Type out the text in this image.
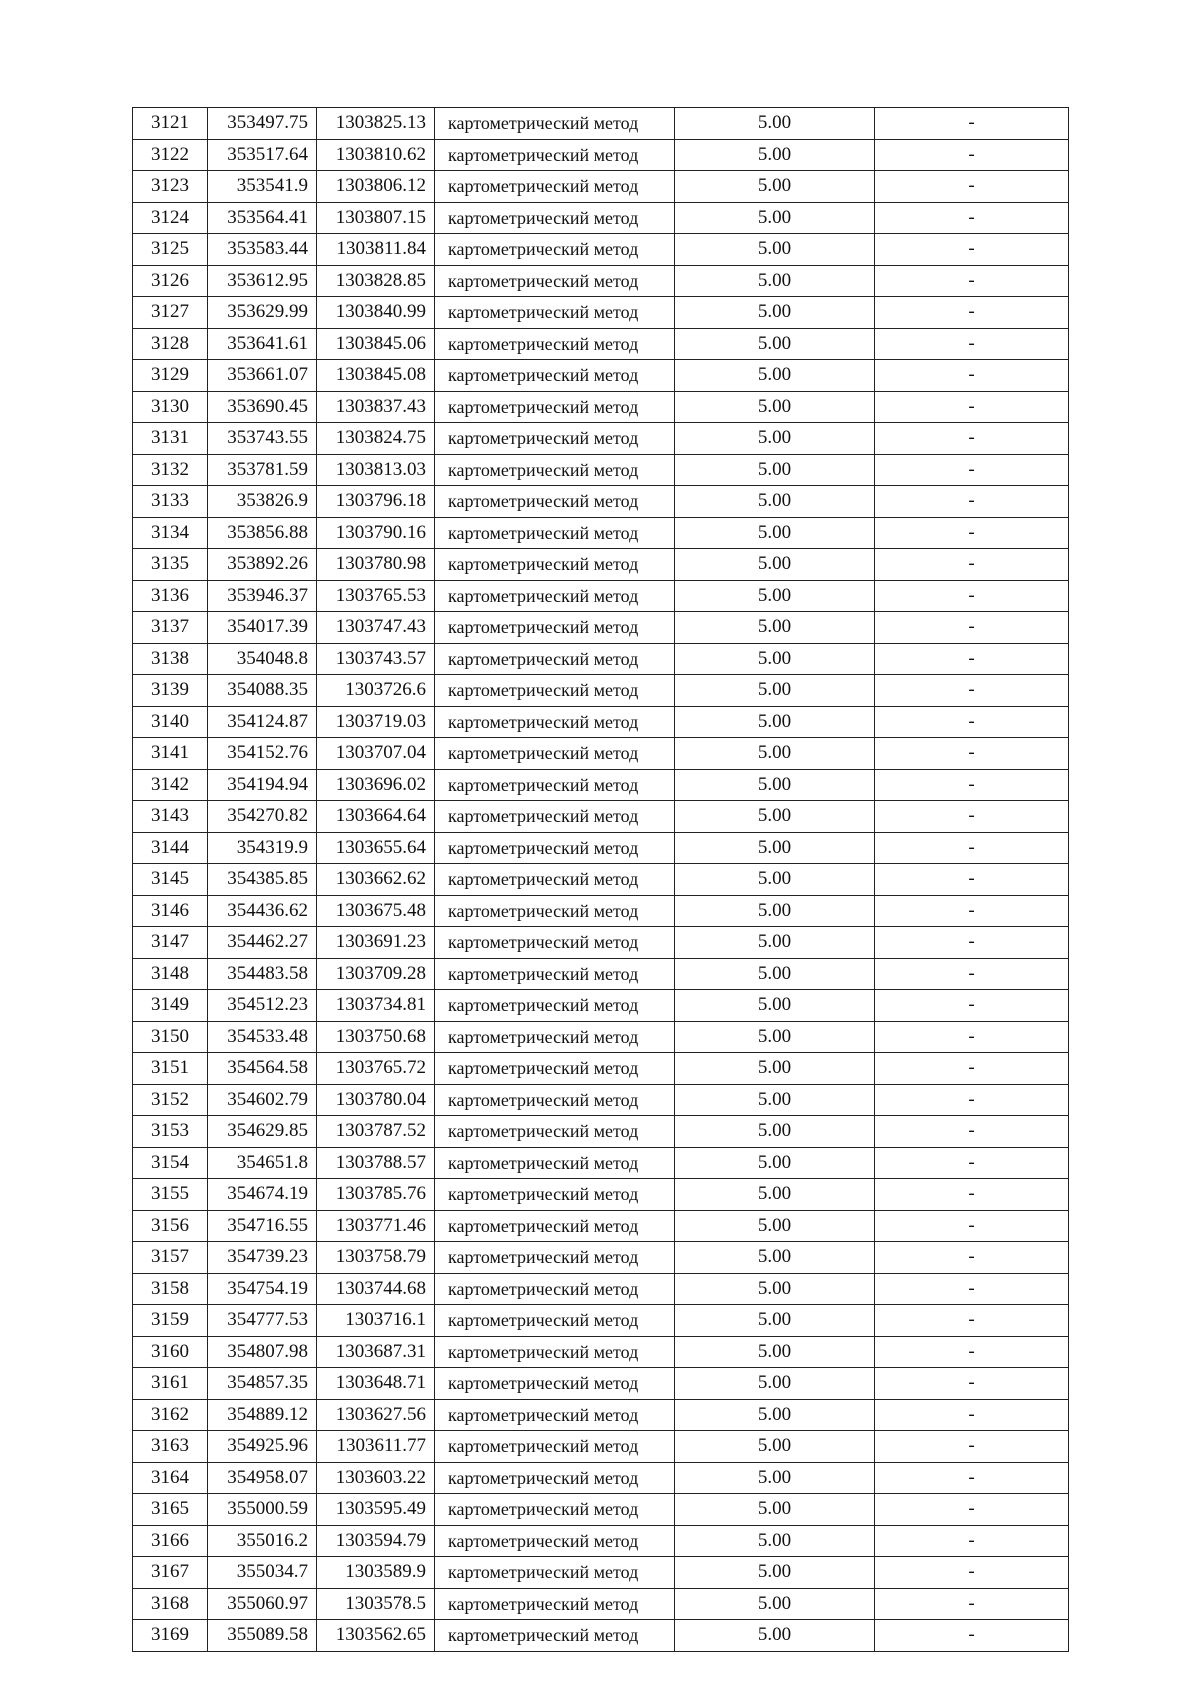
3121	353497.75	1303825.13	картометрический метод	5.00	-
3122	353517.64	1303810.62	картометрический метод	5.00	-
3123	353541.9	1303806.12	картометрический метод	5.00	-
3124	353564.41	1303807.15	картометрический метод	5.00	-
3125	353583.44	1303811.84	картометрический метод	5.00	-
3126	353612.95	1303828.85	картометрический метод	5.00	-
3127	353629.99	1303840.99	картометрический метод	5.00	-
3128	353641.61	1303845.06	картометрический метод	5.00	-
3129	353661.07	1303845.08	картометрический метод	5.00	-
3130	353690.45	1303837.43	картометрический метод	5.00	-
3131	353743.55	1303824.75	картометрический метод	5.00	-
3132	353781.59	1303813.03	картометрический метод	5.00	-
3133	353826.9	1303796.18	картометрический метод	5.00	-
3134	353856.88	1303790.16	картометрический метод	5.00	-
3135	353892.26	1303780.98	картометрический метод	5.00	-
3136	353946.37	1303765.53	картометрический метод	5.00	-
3137	354017.39	1303747.43	картометрический метод	5.00	-
3138	354048.8	1303743.57	картометрический метод	5.00	-
3139	354088.35	1303726.6	картометрический метод	5.00	-
3140	354124.87	1303719.03	картометрический метод	5.00	-
3141	354152.76	1303707.04	картометрический метод	5.00	-
3142	354194.94	1303696.02	картометрический метод	5.00	-
3143	354270.82	1303664.64	картометрический метод	5.00	-
3144	354319.9	1303655.64	картометрический метод	5.00	-
3145	354385.85	1303662.62	картометрический метод	5.00	-
3146	354436.62	1303675.48	картометрический метод	5.00	-
3147	354462.27	1303691.23	картометрический метод	5.00	-
3148	354483.58	1303709.28	картометрический метод	5.00	-
3149	354512.23	1303734.81	картометрический метод	5.00	-
3150	354533.48	1303750.68	картометрический метод	5.00	-
3151	354564.58	1303765.72	картометрический метод	5.00	-
3152	354602.79	1303780.04	картометрический метод	5.00	-
3153	354629.85	1303787.52	картометрический метод	5.00	-
3154	354651.8	1303788.57	картометрический метод	5.00	-
3155	354674.19	1303785.76	картометрический метод	5.00	-
3156	354716.55	1303771.46	картометрический метод	5.00	-
3157	354739.23	1303758.79	картометрический метод	5.00	-
3158	354754.19	1303744.68	картометрический метод	5.00	-
3159	354777.53	1303716.1	картометрический метод	5.00	-
3160	354807.98	1303687.31	картометрический метод	5.00	-
3161	354857.35	1303648.71	картометрический метод	5.00	-
3162	354889.12	1303627.56	картометрический метод	5.00	-
3163	354925.96	1303611.77	картометрический метод	5.00	-
3164	354958.07	1303603.22	картометрический метод	5.00	-
3165	355000.59	1303595.49	картометрический метод	5.00	-
3166	355016.2	1303594.79	картометрический метод	5.00	-
3167	355034.7	1303589.9	картометрический метод	5.00	-
3168	355060.97	1303578.5	картометрический метод	5.00	-
3169	355089.58	1303562.65	картометрический метод	5.00	-
